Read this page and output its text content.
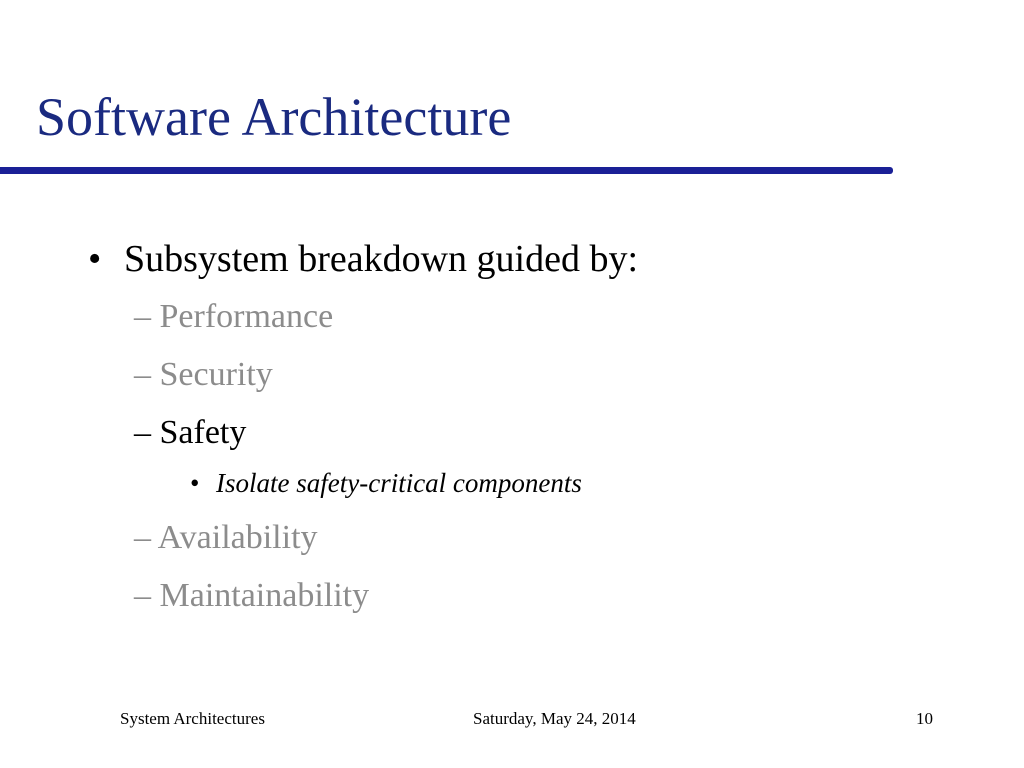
Software Architecture
• Subsystem breakdown guided by:
– Performance
– Security
– Safety
• Isolate safety-critical components
– Availability
– Maintainability
System Architectures	Saturday, May 24, 2014	10
